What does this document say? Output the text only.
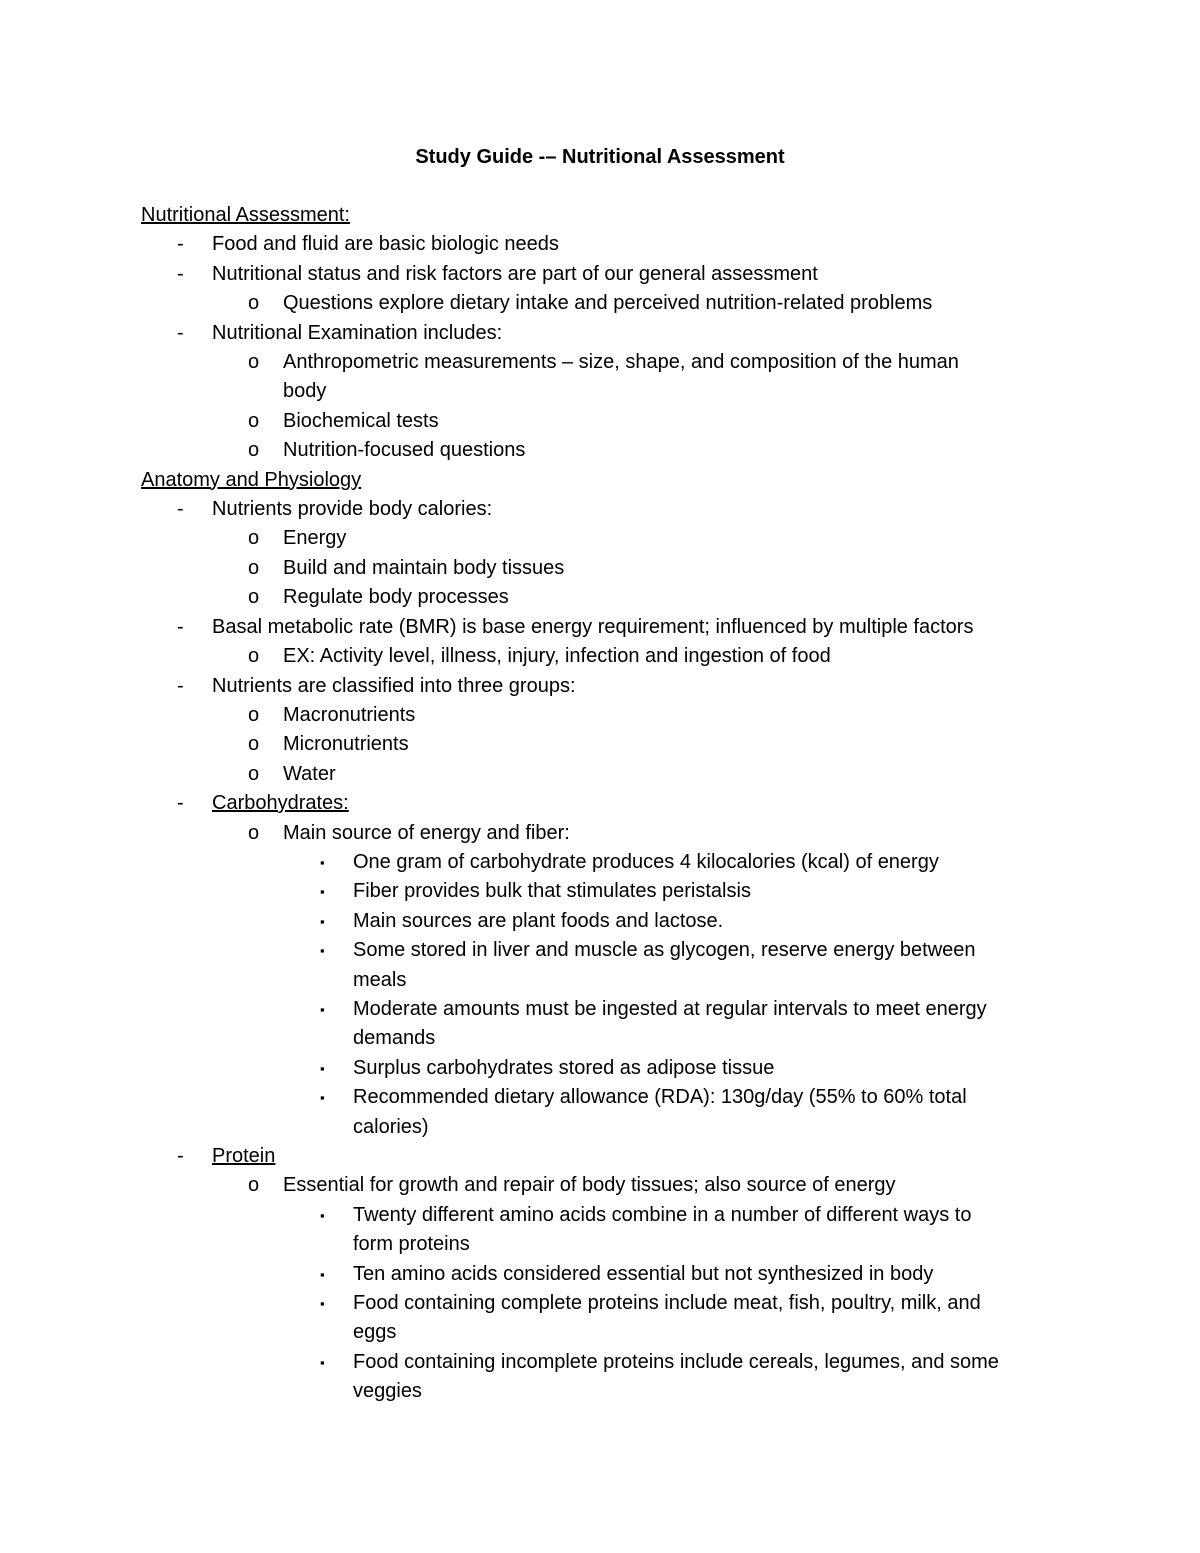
Study Guide -– Nutritional Assessment
Nutritional Assessment:
- Food and fluid are basic biologic needs
- Nutritional status and risk factors are part of our general assessment
o Questions explore dietary intake and perceived nutrition-related problems
- Nutritional Examination includes:
o Anthropometric measurements – size, shape, and composition of the human
body
o Biochemical tests
o Nutrition-focused questions
Anatomy and Physiology
- Nutrients provide body calories:
o Energy
o Build and maintain body tissues
o Regulate body processes
- Basal metabolic rate (BMR) is base energy requirement; influenced by multiple factors
o EX: Activity level, illness, injury, infection and ingestion of food
- Nutrients are classified into three groups:
o Macronutrients
o Micronutrients
o Water
- Carbohydrates:
o Main source of energy and fiber:
▪ One gram of carbohydrate produces 4 kilocalories (kcal) of energy
▪ Fiber provides bulk that stimulates peristalsis
▪ Main sources are plant foods and lactose.
▪ Some stored in liver and muscle as glycogen, reserve energy between
meals
▪ Moderate amounts must be ingested at regular intervals to meet energy
demands
▪ Surplus carbohydrates stored as adipose tissue
▪ Recommended dietary allowance (RDA): 130g/day (55% to 60% total
calories)
- Protein
o Essential for growth and repair of body tissues; also source of energy
▪ Twenty different amino acids combine in a number of different ways to
form proteins
▪ Ten amino acids considered essential but not synthesized in body
▪ Food containing complete proteins include meat, fish, poultry, milk, and
eggs
▪ Food containing incomplete proteins include cereals, legumes, and some
veggies
